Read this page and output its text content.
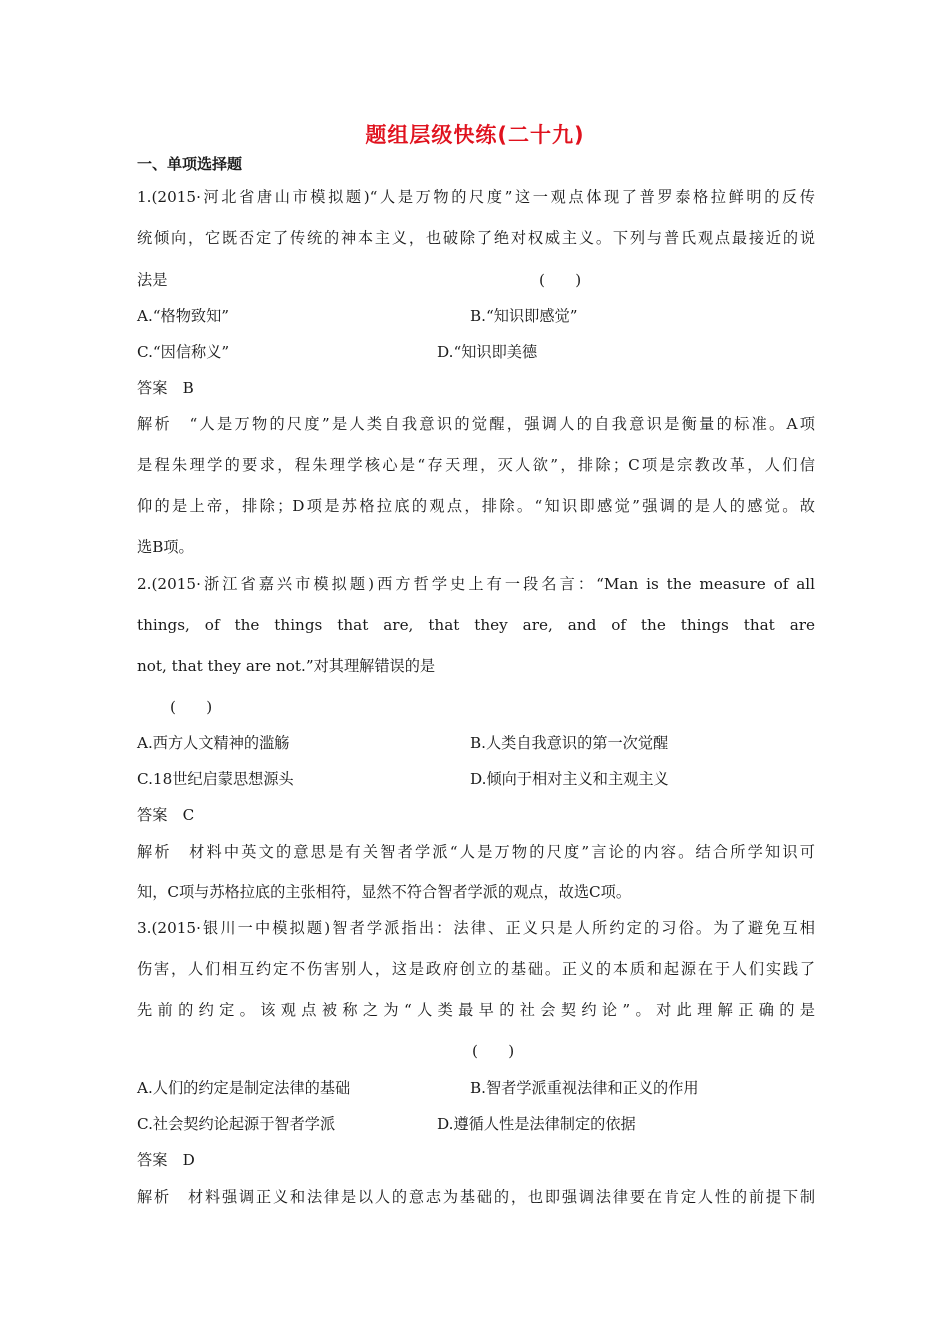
题组层级快练(二十九)
一、单项选择题
1.(2015·河北省唐山市模拟题)“人是万物的尺度”这一观点体现了普罗泰格拉鲜明的反传
统倾向，它既否定了传统的神本主义，也破除了绝对权威主义。下列与普氏观点最接近的说
法是	(　　)
A.“格物致知”	B.“知识即感觉”
C.“因信称义”	D.“知识即美德
答案　B
解析　“人是万物的尺度”是人类自我意识的觉醒，强调人的自我意识是衡量的标准。A项
是程朱理学的要求，程朱理学核心是“存天理，灭人欲”，排除；C项是宗教改革，人们信
仰的是上帝，排除；D项是苏格拉底的观点，排除。“知识即感觉”强调的是人的感觉。故
选B项。
2.(2015·浙江省嘉兴市模拟题)西方哲学史上有一段名言：“Man is the measure of all
things, of the things that are, that they are, and of the things that are
not, that they are not.”对其理解错误的是
(　　)
A.西方人文精神的滥觞	B.人类自我意识的第一次觉醒
C.18世纪启蒙思想源头	D.倾向于相对主义和主观主义
答案　C
解析　材料中英文的意思是有关智者学派“人是万物的尺度”言论的内容。结合所学知识可
知，C项与苏格拉底的主张相符，显然不符合智者学派的观点，故选C项。
3.(2015·银川一中模拟题)智者学派指出：法律、正义只是人所约定的习俗。为了避免互相
伤害，人们相互约定不伤害别人，这是政府创立的基础。正义的本质和起源在于人们实践了
先前的约定。该观点被称之为“人类最早的社会契约论”。对此理解正确的是
(　　)
A.人们的约定是制定法律的基础	B.智者学派重视法律和正义的作用
C.社会契约论起源于智者学派	D.遵循人性是法律制定的依据
答案　D
解析　材料强调正义和法律是以人的意志为基础的，也即强调法律要在肯定人性的前提下制
